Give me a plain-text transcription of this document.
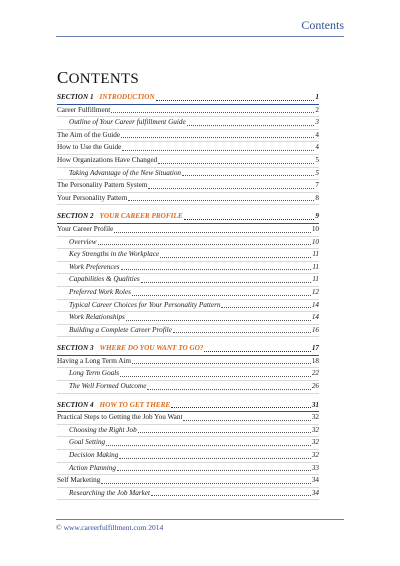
Contents
CONTENTS
SECTION 1 INTRODUCTION	1
Career Fulfillment	2
Outline of Your Career fulfillment Guide	3
The Aim of the Guide	4
How to Use the Guide	4
How Organizations Have Changed	5
Taking Advantage of the New Situation	5
The Personality Pattern System	7
Your Personality Pattern	8
SECTION 2 YOUR CAREER PROFILE	9
Your Career Profile	10
Overview	10
Key Strengths in the Workplace	11
Work Preferences	11
Capabilities & Qualities	11
Preferred Work Roles	12
Typical Career Choices for Your Personality Pattern	14
Work Relationships	14
Building a Complete Career Profile	16
SECTION 3 WHERE DO YOU WANT TO GO?	17
Having a Long Term Aim	18
Long Term Goals	22
The Well Formed Outcome	26
SECTION 4 HOW TO GET THERE	31
Practical Steps to Getting the Job You Want	32
Choosing the Right Job	32
Goal Setting	32
Decision Making	32
Action Planning	33
Self Marketing	34
Researching the Job Market	34
© www.careerfulfillment.com 2014
